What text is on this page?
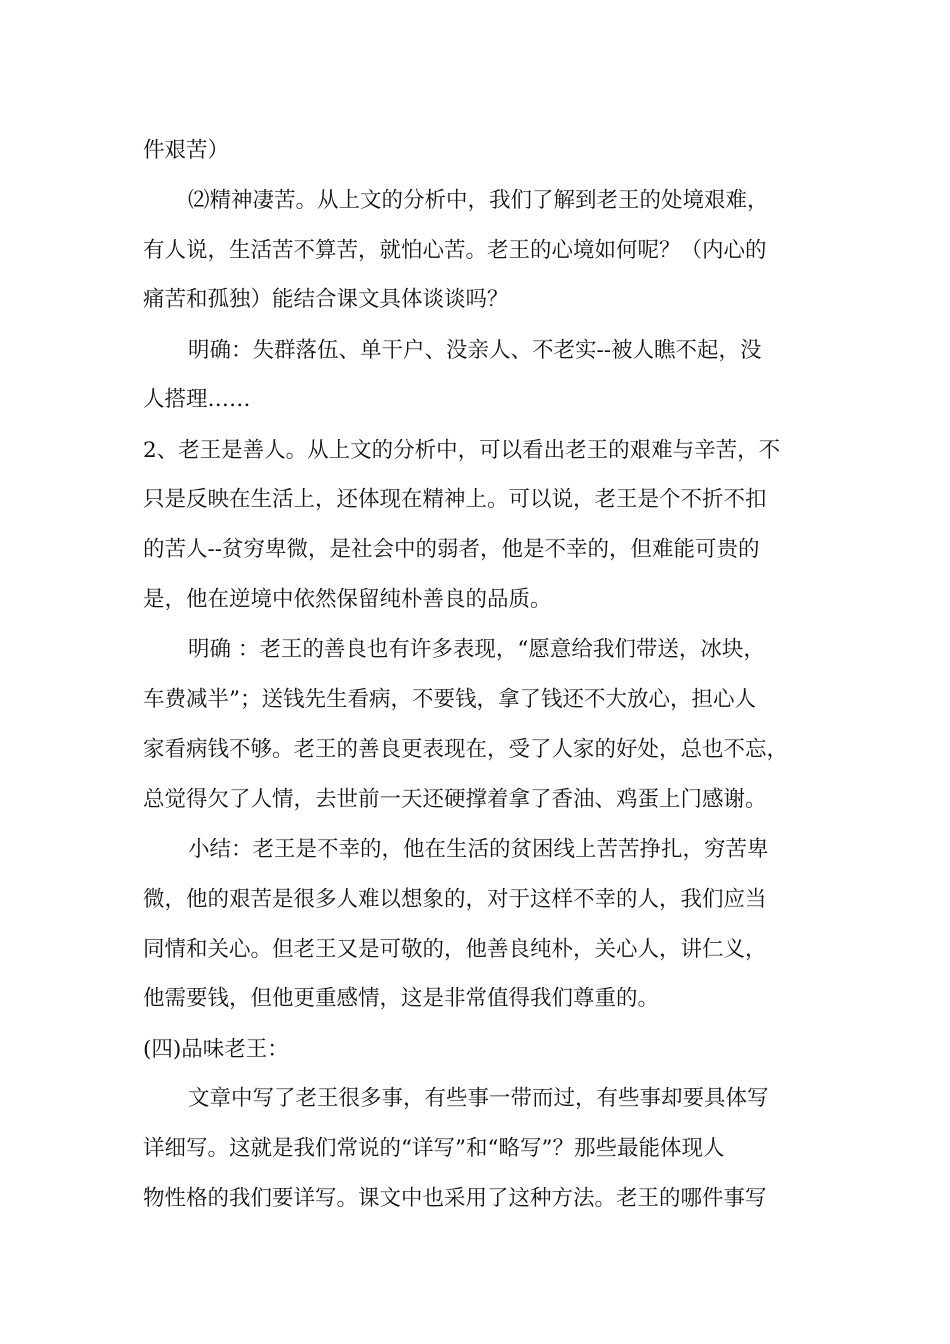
件艰苦）

⑵精神凄苦。从上文的分析中，我们了解到老王的处境艰难，

有人说，生活苦不算苦，就怕心苦。老王的心境如何呢？（内心的

痛苦和孤独）能结合课文具体谈谈吗？

明确：失群落伍、单干户、没亲人、不老实--被人瞧不起，没

人搭理……

2、老王是善人。从上文的分析中，可以看出老王的艰难与辛苦，不

只是反映在生活上，还体现在精神上。可以说，老王是个不折不扣

的苦人--贫穷卑微，是社会中的弱者，他是不幸的，但难能可贵的

是，他在逆境中依然保留纯朴善良的品质。

明确 ：老王的善良也有许多表现，“愿意给我们带送，冰块，

车费减半”；送钱先生看病，不要钱，拿了钱还不大放心，担心人

家看病钱不够。老王的善良更表现在，受了人家的好处，总也不忘，

总觉得欠了人情，去世前一天还硬撑着拿了香油、鸡蛋上门感谢。

小结：老王是不幸的，他在生活的贫困线上苦苦挣扎，穷苦卑

微，他的艰苦是很多人难以想象的，对于这样不幸的人，我们应当

同情和关心。但老王又是可敬的，他善良纯朴，关心人，讲仁义，

他需要钱，但他更重感情，这是非常值得我们尊重的。

(四)品味老王：

文章中写了老王很多事，有些事一带而过，有些事却要具体写

详细写。这就是我们常说的“详写”和“略写”？那些最能体现人

物性格的我们要详写。课文中也采用了这种方法。老王的哪件事写
